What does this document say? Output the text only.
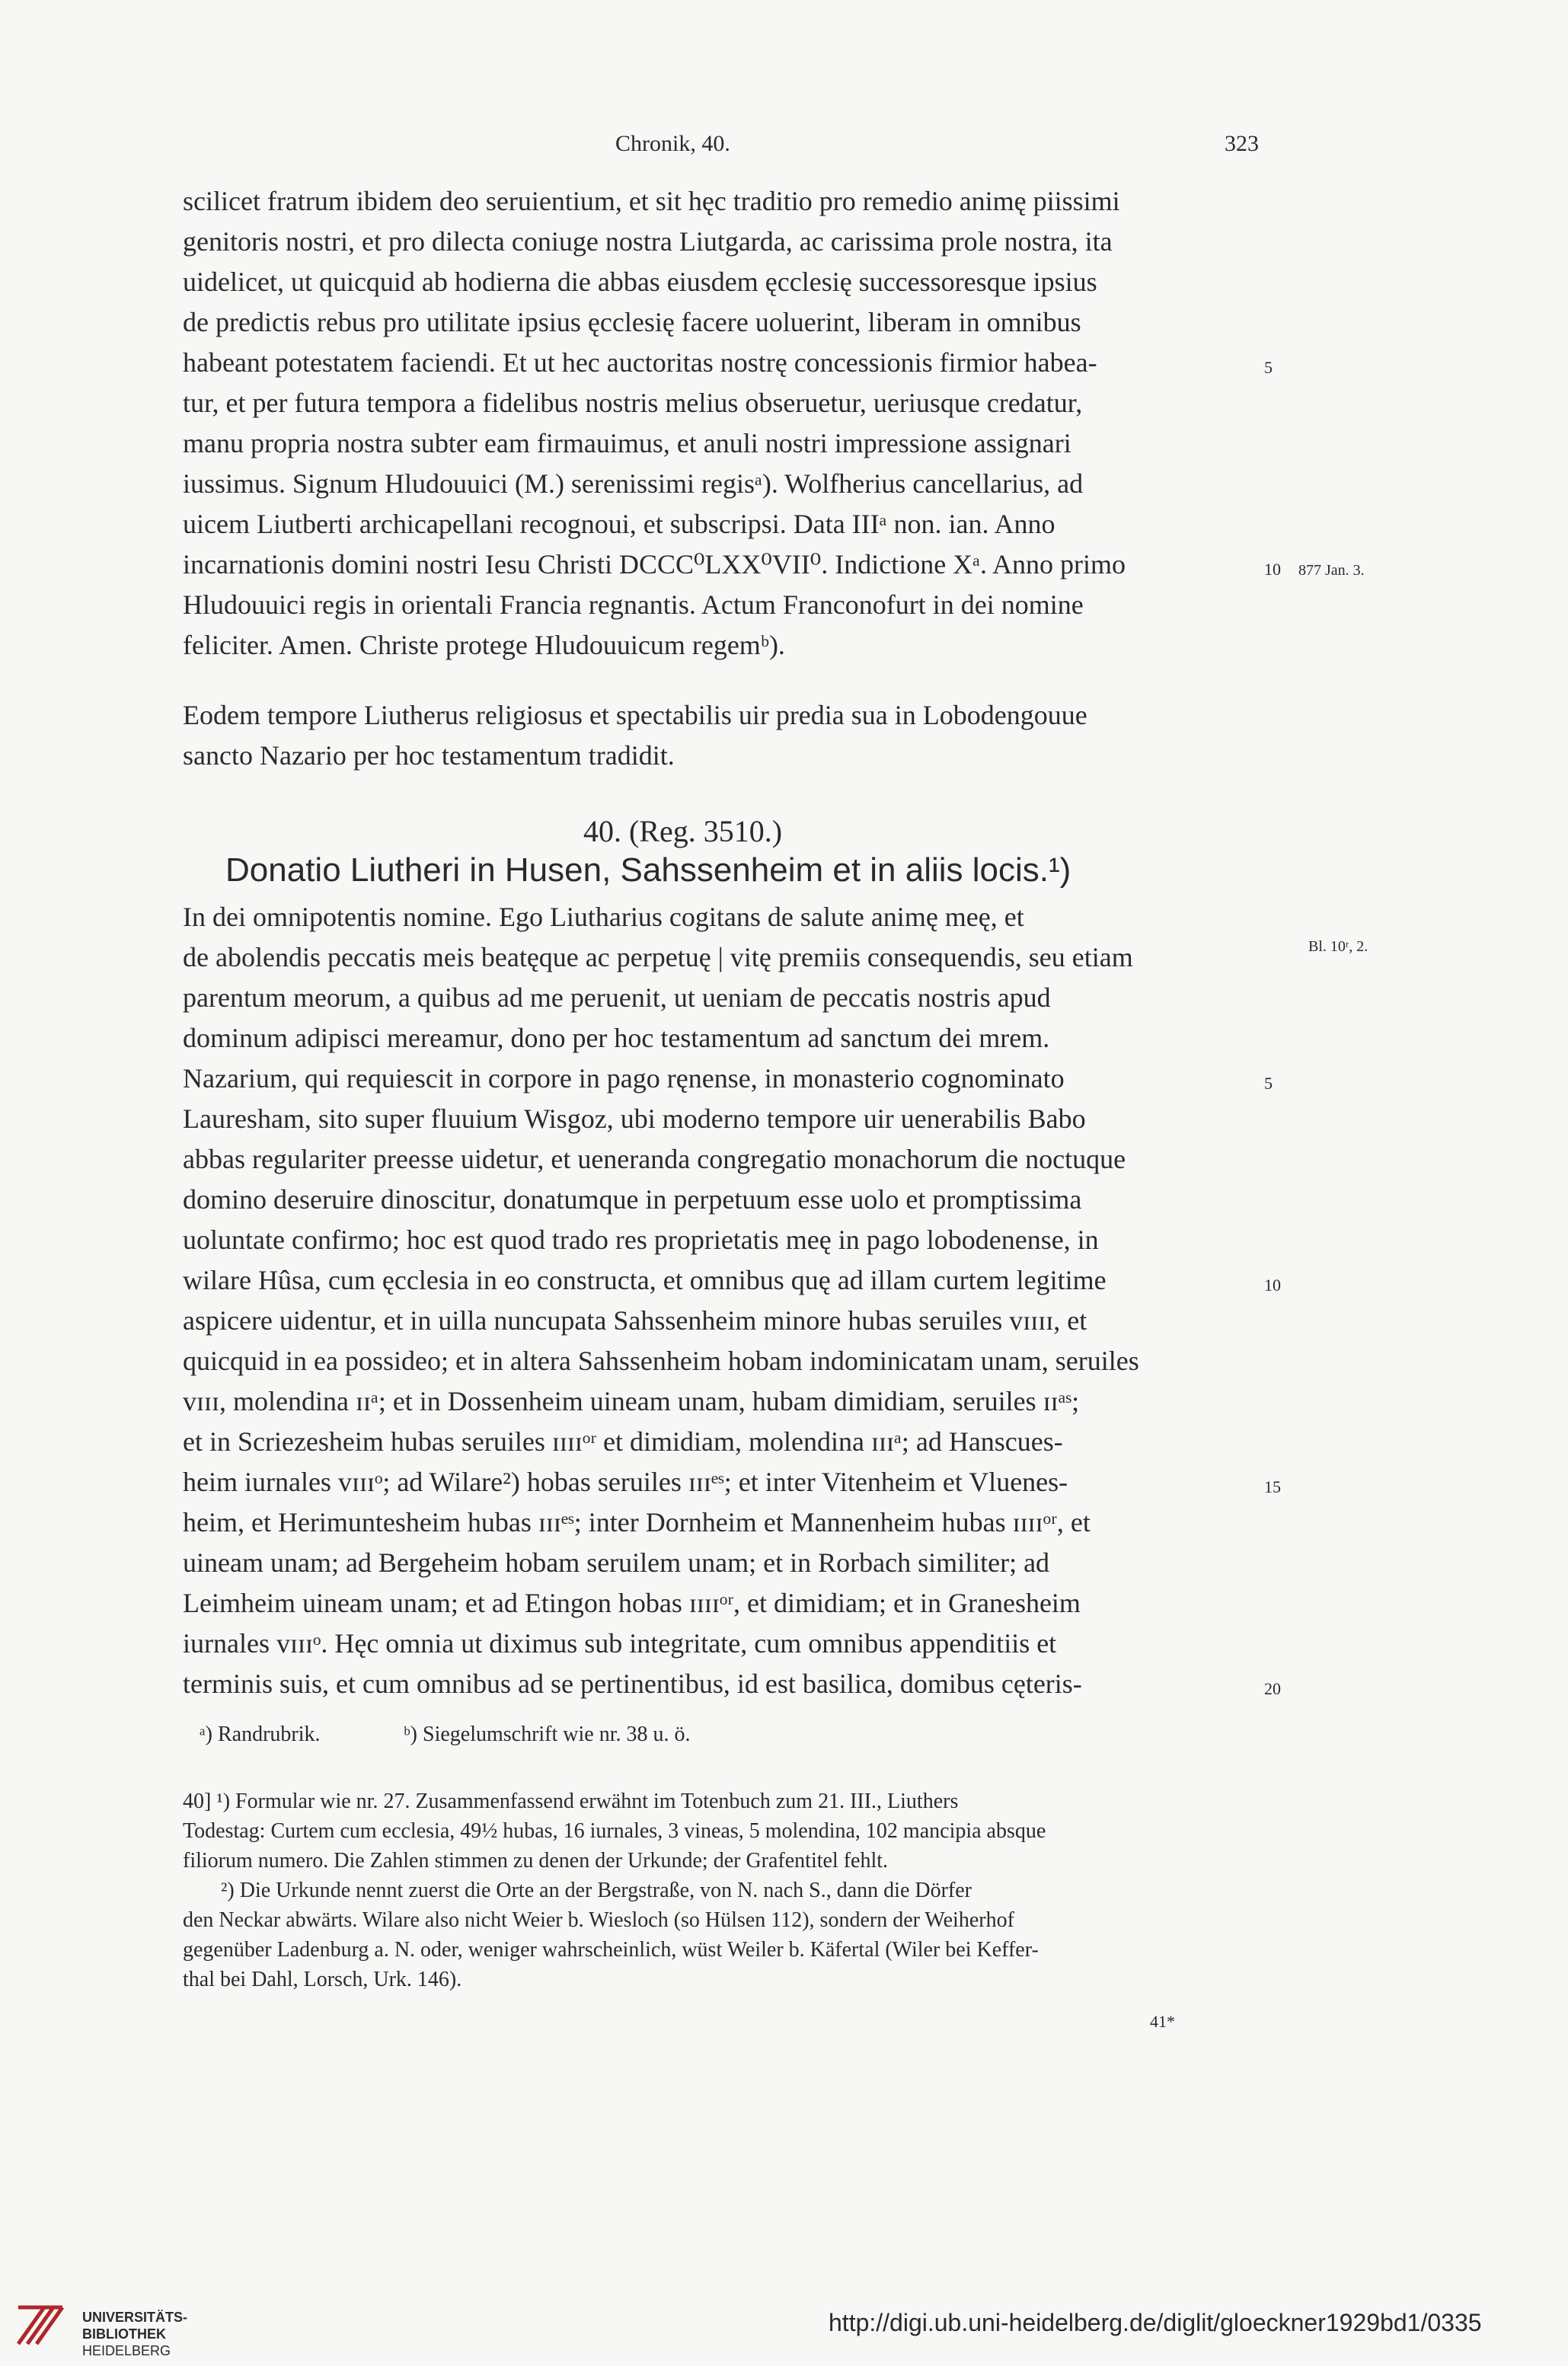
Chronik, 40.	323
scilicet fratrum ibidem deo seruientium, et sit hęc traditio pro remedio animę piissimi
genitoris nostri, et pro dilecta coniuge nostra Liutgarda, ac carissima prole nostra, ita
uidelicet, ut quicquid ab hodierna die abbas eiusdem ęcclesię successoresque ipsius
de predictis rebus pro utilitate ipsius ęcclesię facere uoluerint, liberam in omnibus
habeant potestatem faciendi. Et ut hec auctoritas nostrę concessionis firmior habea-
tur, et per futura tempora a fidelibus nostris melius obseruetur, ueriusque credatur,
manu propria nostra subter eam firmauimus, et anuli nostri impressione assignari
iussimus. Signum Hludouuici (M.) serenissimi regisᵃ). Wolfherius cancellarius, ad
uicem Liutberti archicapellani recognoui, et subscripsi. Data IIIᵃ non. ian. Anno
incarnationis domini nostri Iesu Christi DCCC⁰LXX⁰VII⁰. Indictione Xᵃ. Anno primo
Hludouuici regis in orientali Francia regnantis. Actum Franconofurt in dei nomine
feliciter. Amen. Christe protege Hludouuicum regemᵇ).
5
10 877 Jan. 3.
Eodem tempore Liutherus religiosus et spectabilis uir predia sua in Lobodengouue
sancto Nazario per hoc testamentum tradidit.
40. (Reg. 3510.)
Donatio Liutheri in Husen, Sahssenheim et in aliis locis.¹)
In dei omnipotentis nomine. Ego Liutharius cogitans de salute animę meę, et
de abolendis peccatis meis beatęque ac perpetuę | vitę premiis consequendis, seu etiam
parentum meorum, a quibus ad me peruenit, ut ueniam de peccatis nostris apud
dominum adipisci mereamur, dono per hoc testamentum ad sanctum dei mrem.
Nazarium, qui requiescit in corpore in pago ręnense, in monasterio cognominato
Lauresham, sito super fluuium Wisgoz, ubi moderno tempore uir uenerabilis Babo
abbas regulariter preesse uidetur, et ueneranda congregatio monachorum die noctuque
domino deseruire dinoscitur, donatumque in perpetuum esse uolo et promptissima
uoluntate confirmo; hoc est quod trado res proprietatis meę in pago lobodenense, in
wilare Hûsa, cum ęcclesia in eo constructa, et omnibus quę ad illam curtem legitime
aspicere uidentur, et in uilla nuncupata Sahssenheim minore hubas seruiles ᴠɪɪɪɪ, et
quicquid in ea possideo; et in altera Sahssenheim hobam indominicatam unam, seruiles
ᴠɪɪɪ, molendina ɪɪᵃ; et in Dossenheim uineam unam, hubam dimidiam, seruiles ɪɪᵃˢ;
et in Scriezesheim hubas seruiles ɪɪɪɪᵒʳ et dimidiam, molendina ɪɪɪᵃ; ad Hanscues-
heim iurnales ᴠɪɪɪᵒ; ad Wilare²) hobas seruiles ɪɪɪᵉˢ; et inter Vitenheim et Vluenes-
heim, et Herimuntesheim hubas ɪɪɪᵉˢ; inter Dornheim et Mannenheim hubas ɪɪɪɪᵒʳ, et
uineam unam; ad Bergeheim hobam seruilem unam; et in Rorbach similiter; ad
Leimheim uineam unam; et ad Etingon hobas ɪɪɪɪᵒʳ, et dimidiam; et in Granesheim
iurnales ᴠɪɪɪᵒ. Hęc omnia ut diximus sub integritate, cum omnibus appenditiis et
terminis suis, et cum omnibus ad se pertinentibus, id est basilica, domibus cęteris-
Bl. 10ʳ, 2.
5
10
15
20
ᵃ) Randrubrik.	ᵇ) Siegelumschrift wie nr. 38 u. ö.
40] ¹) Formular wie nr. 27. Zusammenfassend erwähnt im Totenbuch zum 21. III., Liuthers
Todestag: Curtem cum ecclesia, 49½ hubas, 16 iurnales, 3 vineas, 5 molendina, 102 mancipia absque
filiorum numero. Die Zahlen stimmen zu denen der Urkunde; der Grafentitel fehlt.
²) Die Urkunde nennt zuerst die Orte an der Bergstraße, von N. nach S., dann die Dörfer
den Neckar abwärts. Wilare also nicht Weier b. Wiesloch (so Hülsen 112), sondern der Weiherhof
gegenüber Ladenburg a. N. oder, weniger wahrscheinlich, wüst Weiler b. Käfertal (Wiler bei Keffer-
thal bei Dahl, Lorsch, Urk. 146).
41*
UNIVERSITÄTS-
BIBLIOTHEK
HEIDELBERG
http://digi.ub.uni-heidelberg.de/diglit/gloeckner1929bd1/0335
